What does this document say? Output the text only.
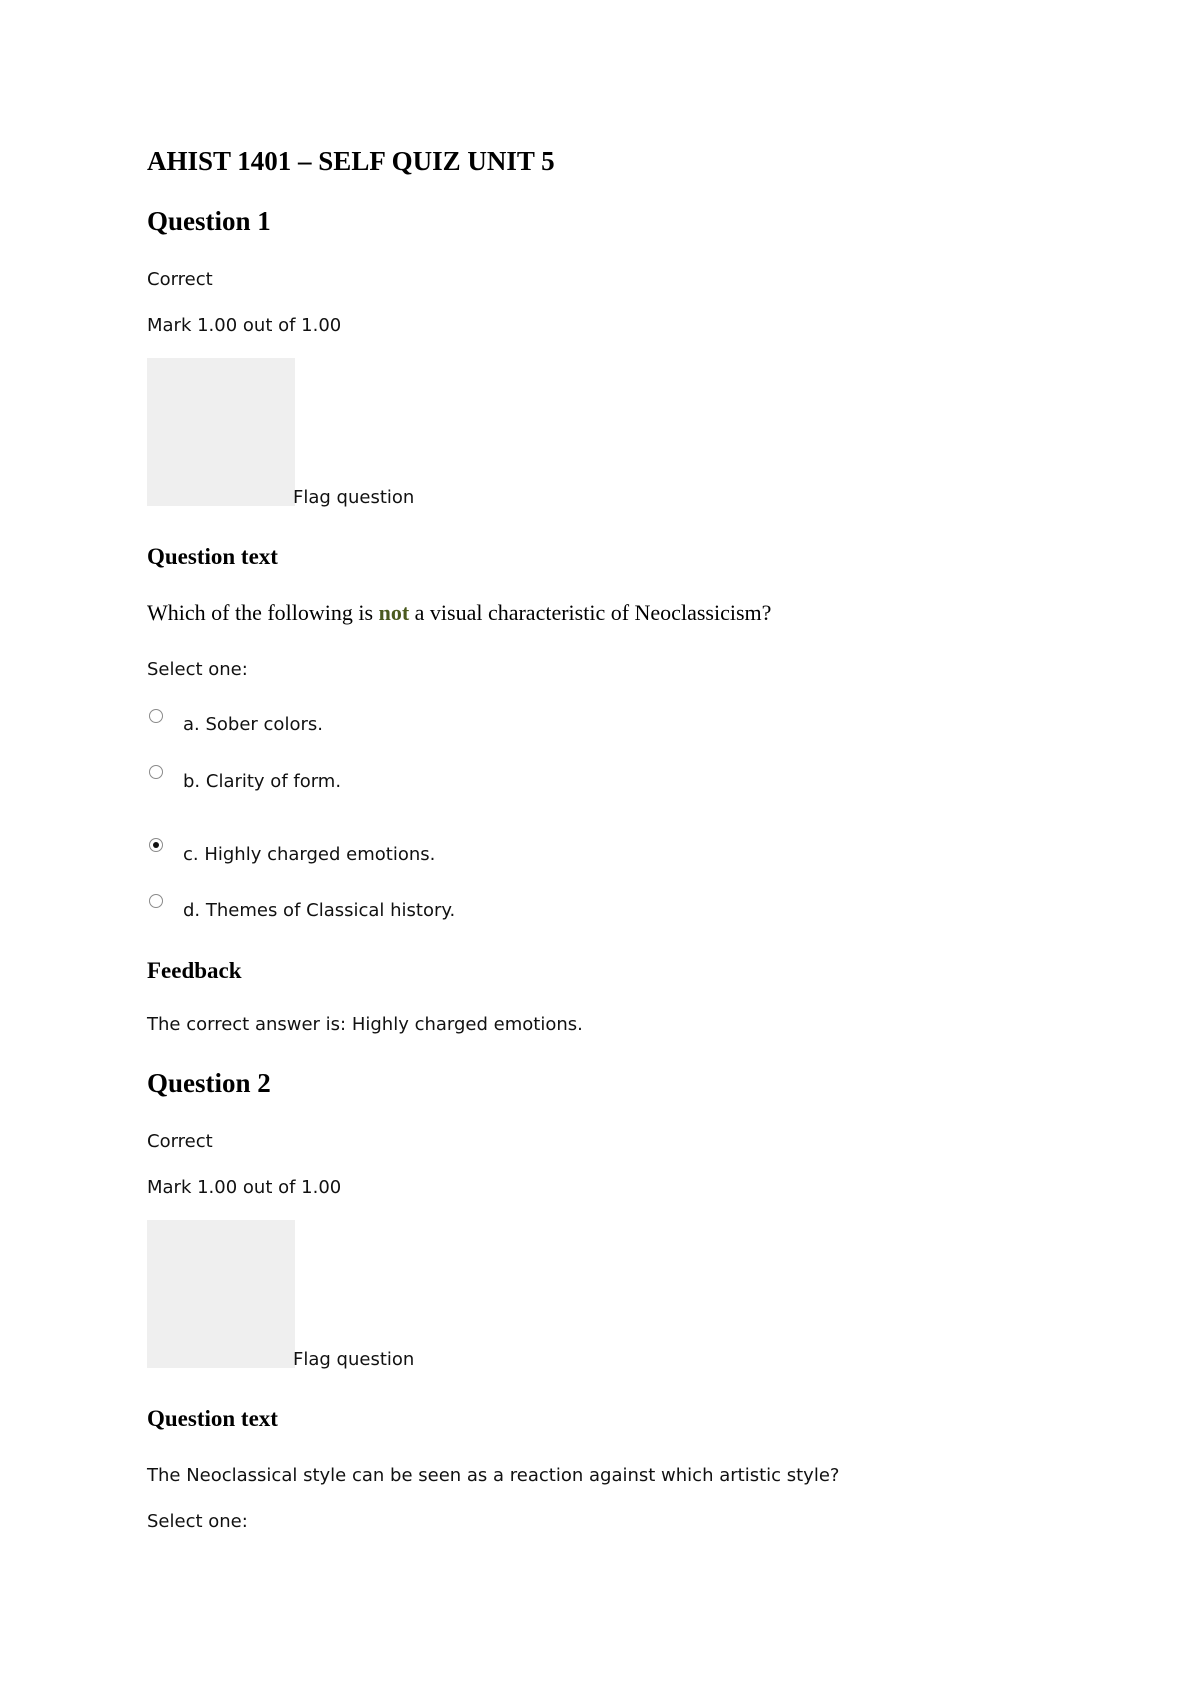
AHIST 1401 – SELF QUIZ UNIT 5
Question 1
Correct
Mark 1.00 out of 1.00
Flag question
Question text
Which of the following is not a visual characteristic of Neoclassicism?
Select one:
a. Sober colors.
b. Clarity of form.
c. Highly charged emotions.
d. Themes of Classical history.
Feedback
The correct answer is: Highly charged emotions.
Question 2
Correct
Mark 1.00 out of 1.00
Flag question
Question text
The Neoclassical style can be seen as a reaction against which artistic style?
Select one:
